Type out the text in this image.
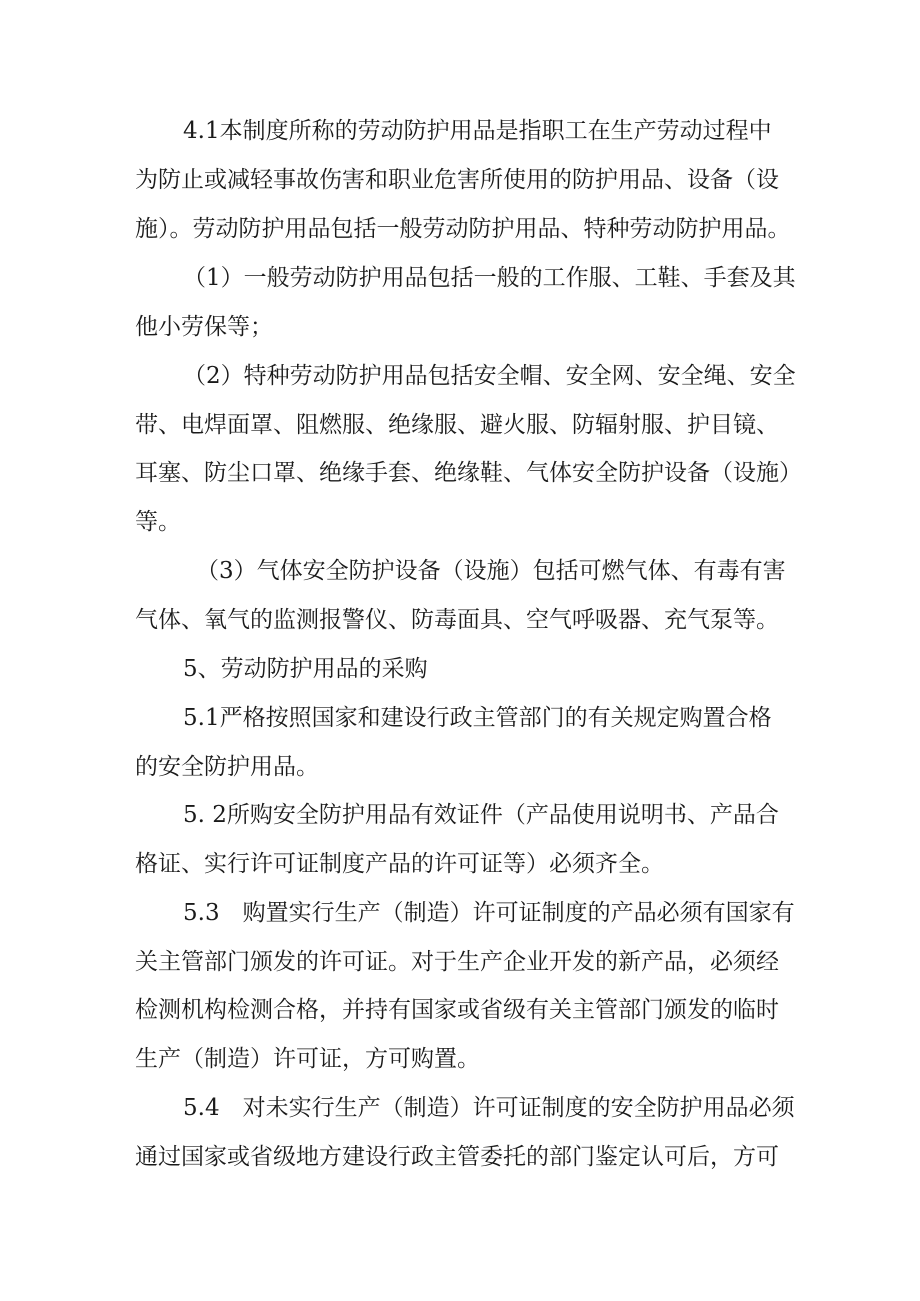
4.1本制度所称的劳动防护用品是指职工在生产劳动过程中

为防止或减轻事故伤害和职业危害所使用的防护用品、设备（设

施）。劳动防护用品包括一般劳动防护用品、特种劳动防护用品。

（1）一般劳动防护用品包括一般的工作服、工鞋、手套及其

他小劳保等；

（2）特种劳动防护用品包括安全帽、安全网、安全绳、安全

带、电焊面罩、阻燃服、绝缘服、避火服、防辐射服、护目镜、

耳塞、防尘口罩、绝缘手套、绝缘鞋、气体安全防护设备（设施）

等。

（3）气体安全防护设备（设施）包括可燃气体、有毒有害

气体、氧气的监测报警仪、防毒面具、空气呼吸器、充气泵等。

5、劳动防护用品的采购

5.1严格按照国家和建设行政主管部门的有关规定购置合格

的安全防护用品。

5. 2所购安全防护用品有效证件（产品使用说明书、产品合

格证、实行许可证制度产品的许可证等）必须齐全。

5.3　购置实行生产（制造）许可证制度的产品必须有国家有

关主管部门颁发的许可证。对于生产企业开发的新产品，必须经

检测机构检测合格，并持有国家或省级有关主管部门颁发的临时

生产（制造）许可证，方可购置。

5.4　对未实行生产（制造）许可证制度的安全防护用品必须

通过国家或省级地方建设行政主管委托的部门鉴定认可后，方可
